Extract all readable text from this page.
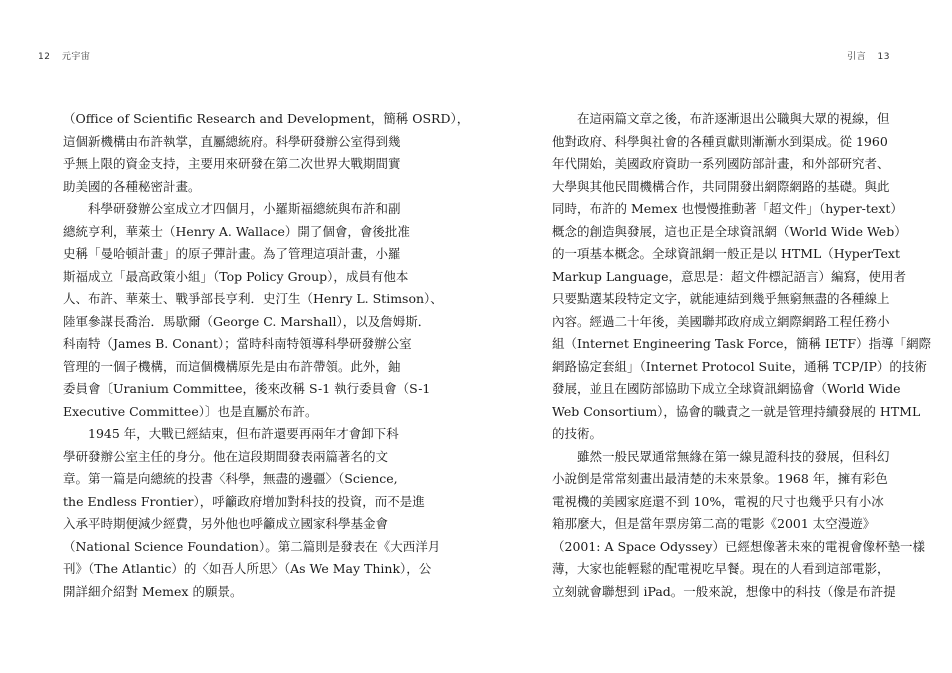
12 元宇宙
（Office of Scientific Research and Development，簡稱 OSRD），
這個新機構由布許執掌，直屬總統府。科學研發辦公室得到幾
乎無上限的資金支持，主要用來研發在第二次世界大戰期間實
助美國的各種秘密計畫。
科學研發辦公室成立才四個月，小羅斯福總統與布許和副
總統亨利，華萊士（Henry A. Wallace）開了個會，會後批准
史稱「曼哈頓計畫」的原子彈計畫。為了管理這項計畫，小羅
斯福成立「最高政策小組」（Top Policy Group），成員有他本
人、布許、華萊士、戰爭部長亨利．史汀生（Henry L. Stimson）、
陸軍參謀長喬治．馬歇爾（George C. Marshall），以及詹姆斯．
科南特（James B. Conant）；當時科南特領導科學研發辦公室
管理的一個子機構，而這個機構原先是由布許帶領。此外，鈾
委員會〔Uranium Committee，後來改稱 S-1 執行委員會（S-1
Executive Committee）〕也是直屬於布許。
1945 年，大戰已經結束，但布許還要再兩年才會卸下科
學研發辦公室主任的身分。他在這段期間發表兩篇著名的文
章。第一篇是向總統的投書〈科學，無盡的邊疆〉（Science,
the Endless Frontier），呼籲政府增加對科技的投資，而不是進
入承平時期便減少經費，另外他也呼籲成立國家科學基金會
（National Science Foundation）。第二篇則是發表在《大西洋月
刊》（The Atlantic）的〈如吾人所思〉（As We May Think），公
開詳細介紹對 Memex 的願景。
引言 13
在這兩篇文章之後，布許逐漸退出公職與大眾的視線，但
他對政府、科學與社會的各種貢獻則漸漸水到渠成。從 1960
年代開始，美國政府資助一系列國防部計畫，和外部研究者、
大學與其他民間機構合作，共同開發出網際網路的基礎。與此
同時，布許的 Memex 也慢慢推動著「超文件」（hyper-text）
概念的創造與發展，這也正是全球資訊網（World Wide Web）
的一項基本概念。全球資訊網一般正是以 HTML（HyperText
Markup Language，意思是：超文件標記語言）編寫，使用者
只要點選某段特定文字，就能連結到幾乎無窮無盡的各種線上
內容。經過二十年後，美國聯邦政府成立網際網路工程任務小
組（Internet Engineering Task Force，簡稱 IETF）指導「網際
網路協定套組」（Internet Protocol Suite，通稱 TCP/IP）的技術
發展，並且在國防部協助下成立全球資訊網協會（World Wide
Web Consortium），協會的職責之一就是管理持續發展的 HTML
的技術。
雖然一般民眾通常無緣在第一線見證科技的發展，但科幻
小說倒是常常刻畫出最清楚的未來景象。1968 年，擁有彩色
電視機的美國家庭還不到 10%，電視的尺寸也幾乎只有小冰
箱那麼大，但是當年票房第二高的電影《2001 太空漫遊》
（2001: A Space Odyssey）已經想像著未來的電視會像杯墊一樣
薄，大家也能輕鬆的配電視吃早餐。現在的人看到這部電影，
立刻就會聯想到 iPad。一般來說，想像中的科技（像是布許提
